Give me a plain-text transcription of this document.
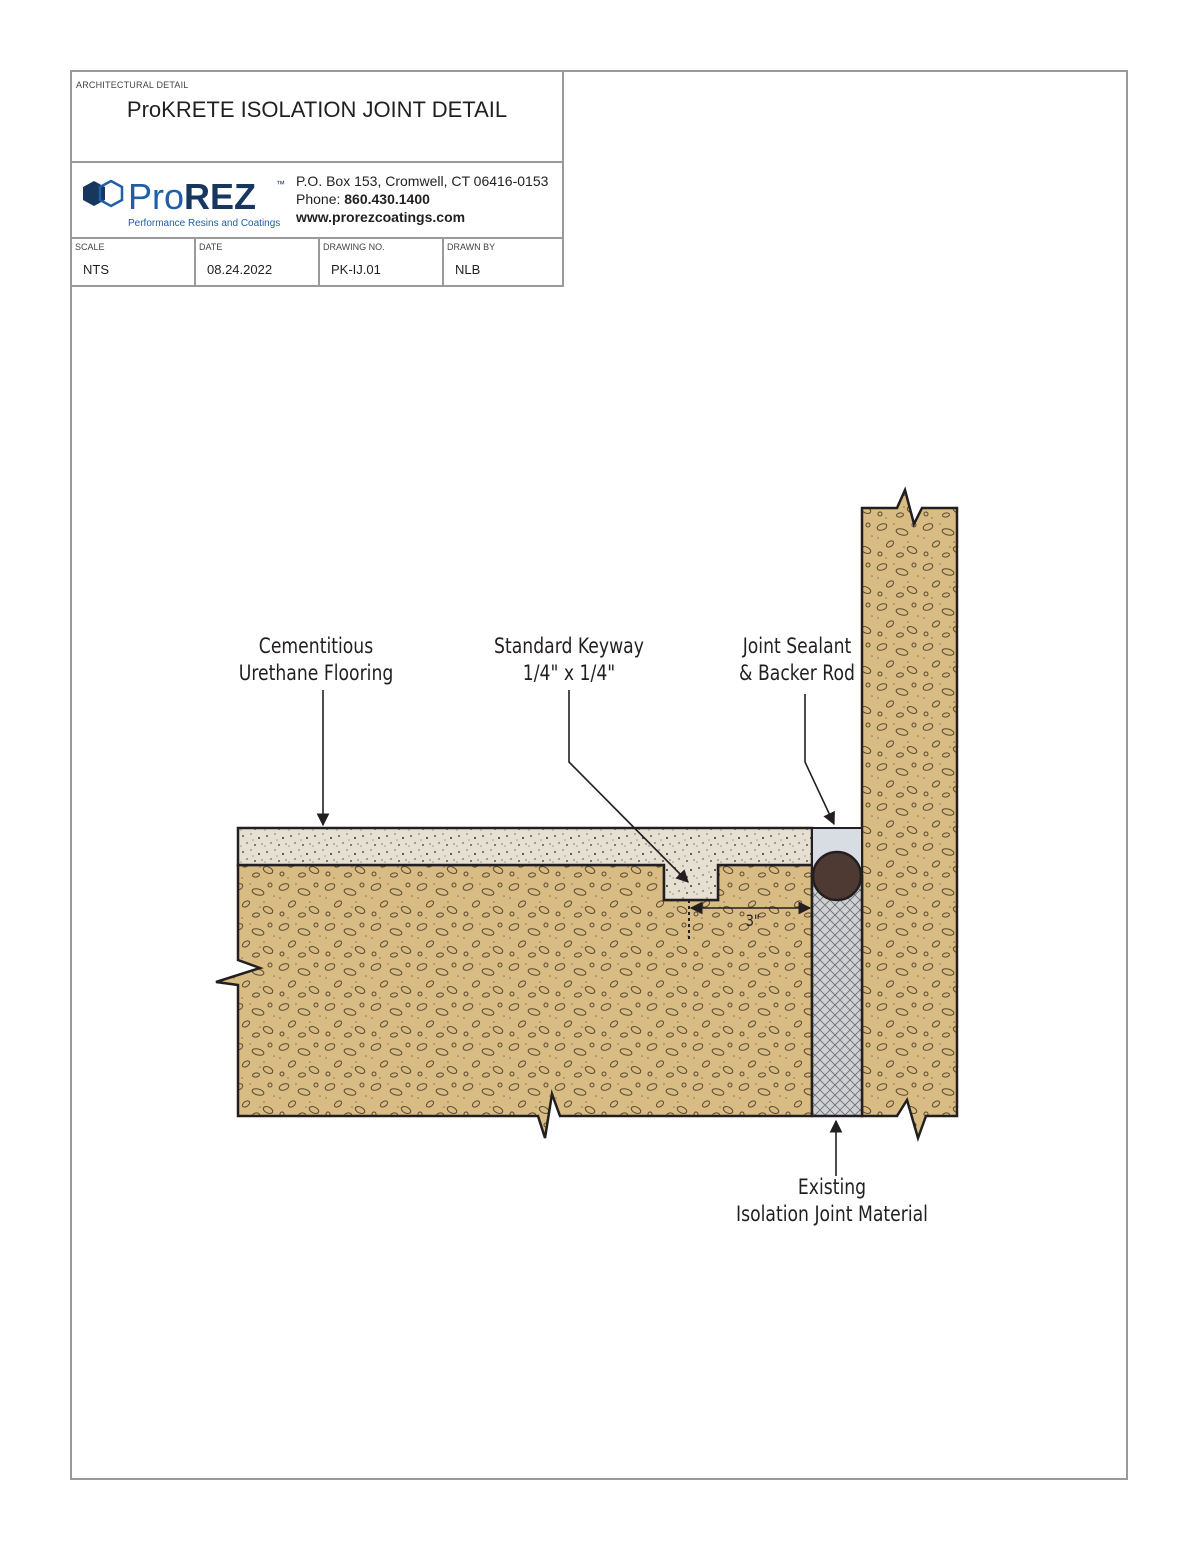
ARCHITECTURAL DETAIL
ProKRETE ISOLATION JOINT DETAIL
ProREZ ™
Performance Resins and Coatings
P.O. Box 153, Cromwell, CT 06416-0153
Phone: 860.430.1400
www.prorezcoatings.com
SCALE
NTS
DATE
08.24.2022
DRAWING NO.
PK-IJ.01
DRAWN BY
NLB
Cementitious
Urethane Flooring
Standard Keyway
1/4" x 1/4"
Joint Sealant
& Backer Rod
Existing
Isolation Joint Material
3"
